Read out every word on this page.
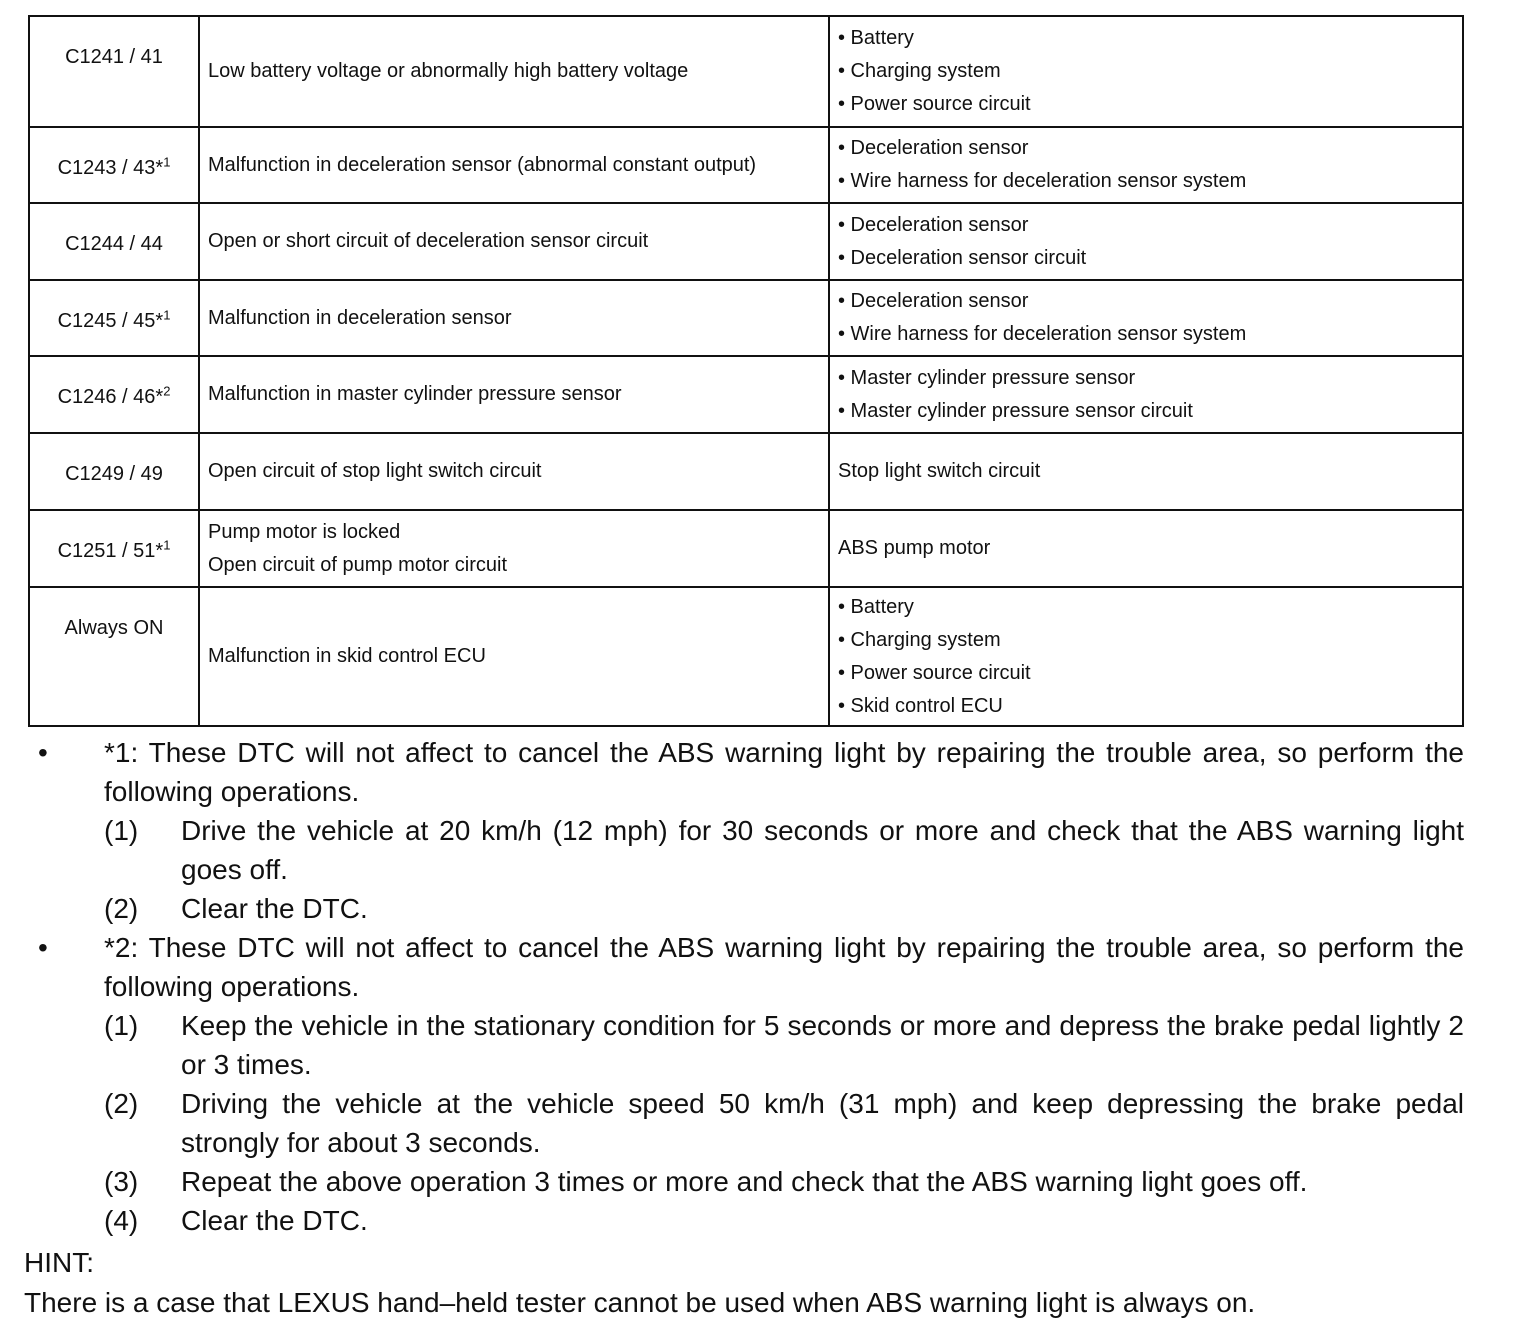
C1241 / 41	Low battery voltage or abnormally high battery voltage	• Battery
• Charging system
• Power source circuit

C1243 / 43*$^1$	Malfunction in deceleration sensor (abnormal constant output)	• Deceleration sensor
• Wire harness for deceleration sensor system

C1244 / 44	Open or short circuit of deceleration sensor circuit	• Deceleration sensor
• Deceleration sensor circuit

C1245 / 45*$^1$	Malfunction in deceleration sensor	• Deceleration sensor
• Wire harness for deceleration sensor system

C1246 / 46*$^2$	Malfunction in master cylinder pressure sensor	• Master cylinder pressure sensor
• Master cylinder pressure sensor circuit

C1249 / 49	Open circuit of stop light switch circuit	Stop light switch circuit

C1251 / 51*$^1$	Pump motor is locked
Open circuit of pump motor circuit	ABS pump motor

Always ON	Malfunction in skid control ECU	• Battery
• Charging system
• Power source circuit
• Skid control ECU
• *1: These DTC will not affect to cancel the ABS warning light by repairing the trouble area, so perform the following operations.
(1) Drive the vehicle at 20 km/h (12 mph) for 30 seconds or more and check that the ABS warning light goes off.
(2) Clear the DTC.
• *2: These DTC will not affect to cancel the ABS warning light by repairing the trouble area, so perform the following operations.
(1) Keep the vehicle in the stationary condition for 5 seconds or more and depress the brake pedal lightly 2 or 3 times.
(2) Driving the vehicle at the vehicle speed 50 km/h (31 mph) and keep depressing the brake pedal strongly for about 3 seconds.
(3) Repeat the above operation 3 times or more and check that the ABS warning light goes off.
(4) Clear the DTC.
HINT:
There is a case that LEXUS hand–held tester cannot be used when ABS warning light is always on.
